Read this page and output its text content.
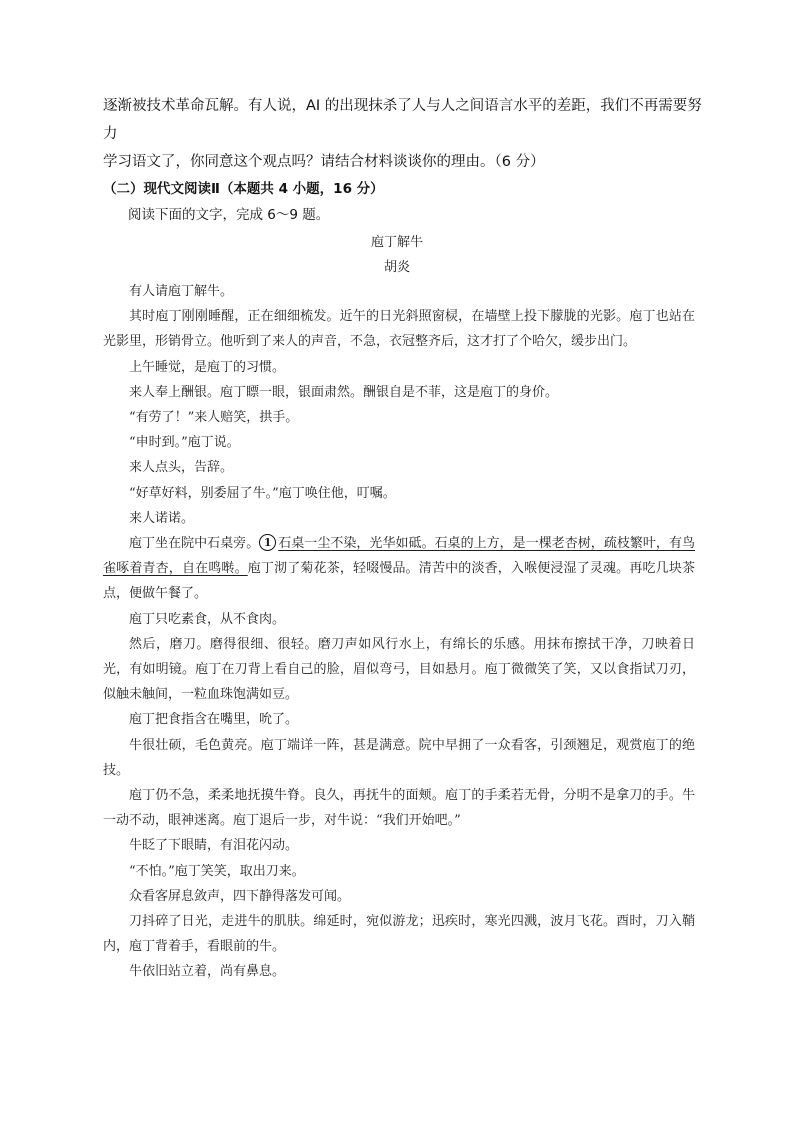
逐渐被技术革命瓦解。有人说，AI 的出现抹杀了人与人之间语言水平的差距，我们不再需要努力

学习语文了，你同意这个观点吗？请结合材料谈谈你的理由。（6 分）

（二）现代文阅读Ⅱ（本题共 4 小题，16 分）
阅读下面的文字，完成 6～9 题。
庖丁解牛
胡炎

有人请庖丁解牛。

其时庖丁刚刚睡醒，正在细细梳发。近午的日光斜照窗棂，在墙壁上投下朦胧的光影。庖丁也站在光影里，形销骨立。他听到了来人的声音，不急，衣冠整齐后，这才打了个哈欠，缓步出门。

上午睡觉，是庖丁的习惯。

来人奉上酬银。庖丁瞟一眼，银面肃然。酬银自是不菲，这是庖丁的身价。

“有劳了！”来人赔笑，拱手。

“申时到。”庖丁说。

来人点头，告辞。

“好草好料，别委屈了牛。”庖丁唤住他，叮嘱。

来人诺诺。

庖丁坐在院中石桌旁。 1 石桌一尘不染，光华如砥。石桌的上方，是一棵老杏树，疏枝繁叶，有鸟雀啄着青杏，自在鸣啭。庖丁沏了菊花茶，轻啜慢品。清苦中的淡香，入喉便浸湿了灵魂。再吃几块茶点，便做午餐了。

庖丁只吃素食，从不食肉。

然后，磨刀。磨得很细、很轻。磨刀声如风行水上，有绵长的乐感。用抹布擦拭干净，刀映着日光，有如明镜。庖丁在刀背上看自己的脸，眉似弯弓，目如悬月。庖丁微微笑了笑，又以食指试刀刃，似触未触间，一粒血珠饱满如豆。

庖丁把食指含在嘴里，吮了。

牛很壮硕，毛色黄亮。庖丁端详一阵，甚是满意。院中早拥了一众看客，引颈翘足，观赏庖丁的绝技。

庖丁仍不急，柔柔地抚摸牛脊。良久，再抚牛的面颊。庖丁的手柔若无骨，分明不是拿刀的手。牛一动不动，眼神迷离。庖丁退后一步，对牛说：“我们开始吧。”

牛眨了下眼睛，有泪花闪动。

“不怕。”庖丁笑笑，取出刀来。

众看客屏息敛声，四下静得落发可闻。

刀抖碎了日光，走进牛的肌肤。绵延时，宛似游龙；迅疾时，寒光四溅，波月飞花。酉时，刀入鞘内，庖丁背着手，看眼前的牛。

牛依旧站立着，尚有鼻息。
